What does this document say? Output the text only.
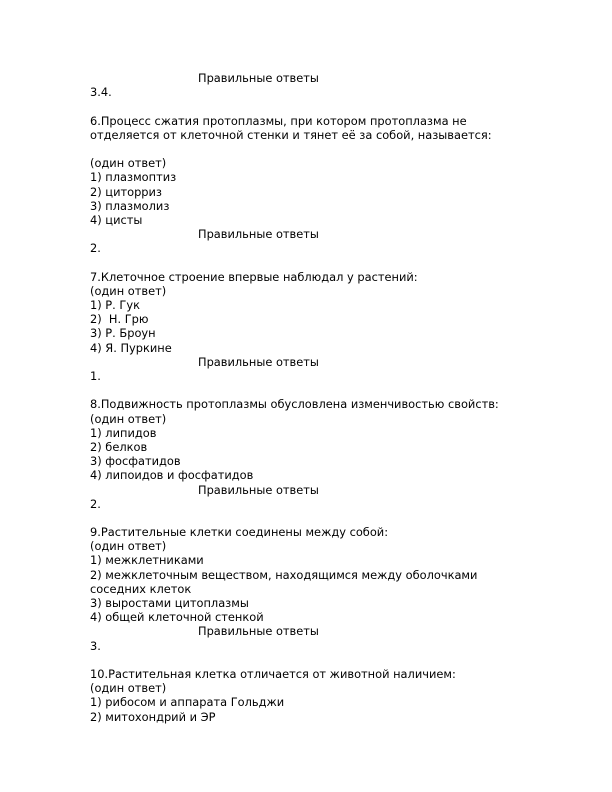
Правильные ответы
3.4.
6.Процесс сжатия протоплазмы, при котором протоплазма не отделяется от клеточной стенки и тянет её за собой, называется:
(один ответ)
1) плазмоптиз
2) циторриз
3) плазмолиз
4) цисты
Правильные ответы
2.
7.Клеточное строение впервые наблюдал у растений:
(один ответ)
1) Р. Гук
2)  Н. Грю
3) Р. Броун
4) Я. Пуркине
Правильные ответы
1.
8.Подвижность протоплазмы обусловлена изменчивостью свойств:
(один ответ)
1) липидов
2) белков
3) фосфатидов
4) липоидов и фосфатидов
Правильные ответы
2.
9.Растительные клетки соединены между собой:
(один ответ)
1) межклетниками
2) межклеточным веществом, находящимся между оболочками соседних клеток
3) выростами цитоплазмы
4) общей клеточной стенкой
Правильные ответы
3.
10.Растительная клетка отличается от животной наличием:
(один ответ)
1) рибосом и аппарата Гольджи
2) митохондрий и ЭР
